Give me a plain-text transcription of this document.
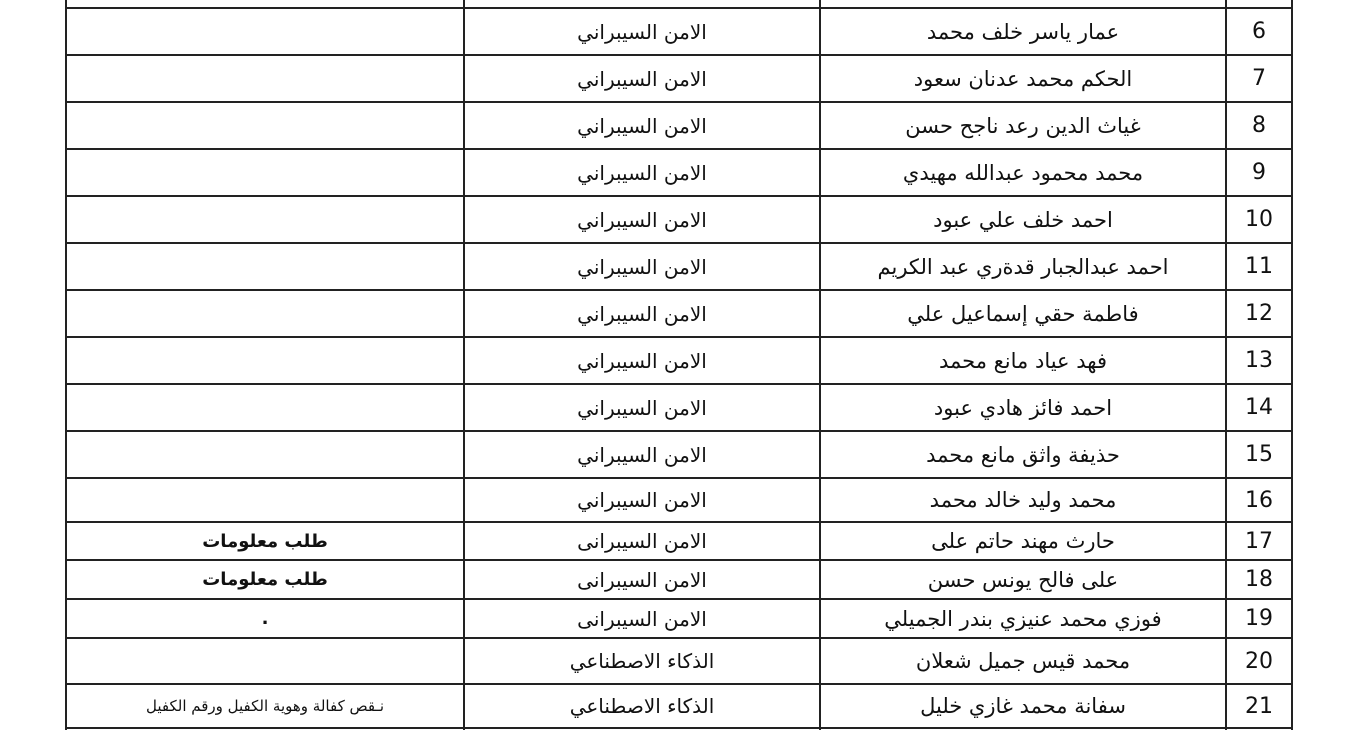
6
عمار ياسر خلف محمد
الامن السيبراني
7
الحكم محمد عدنان سعود
الامن السيبراني
8
غياث الدين رعد ناجح حسن
الامن السيبراني
9
محمد محمود عبدالله مهيدي
الامن السيبراني
10
احمد خلف علي عبود
الامن السيبراني
11
احمد عبدالجبار قدةري عبد الكريم
الامن السيبراني
12
فاطمة حقي إسماعيل علي
الامن السيبراني
13
فهد عياد مانع محمد
الامن السيبراني
14
احمد فائز هادي عبود
الامن السيبراني
15
حذيفة واثق مانع محمد
الامن السيبراني
16
محمد وليد خالد محمد
الامن السيبراني
17
حارث مهند حاتم على
الامن السيبرانى
طلب معلومات
18
على فالح يونس حسن
الامن السيبرانى
طلب معلومات
19
فوزي محمد عنيزي بندر الجميلي
الامن السيبرانى
.
20
محمد قيس جميل شعلان
الذكاء الاصطناعي
21
سفانة محمد غازي خليل
الذكاء الاصطناعي
نـقص كفالة وهوية الكفيل ورقم الكفيل
